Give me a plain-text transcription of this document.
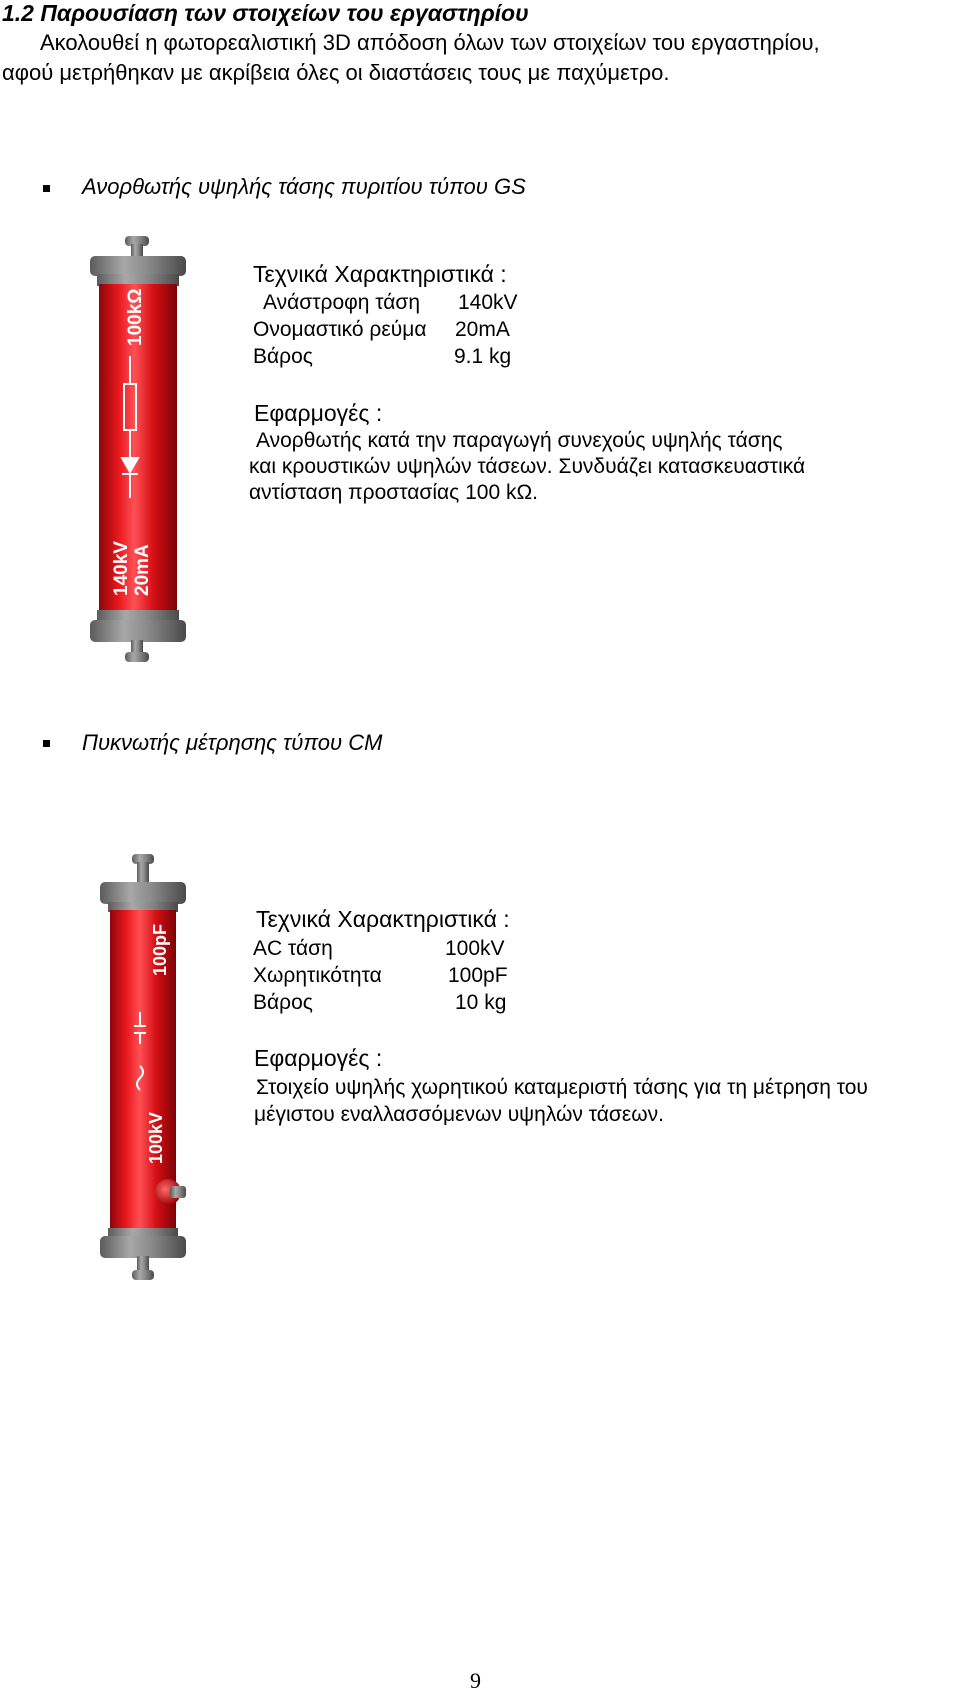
1.2 Παρουσίαση των στοιχείων του εργαστηρίου
Ακολουθεί η φωτορεαλιστική 3D απόδοση όλων των στοιχείων του εργαστηρίου,
αφού μετρήθηκαν με ακρίβεια όλες οι διαστάσεις τους με παχύμετρο.
Ανορθωτής υψηλής τάσης πυριτίου τύπου GS
100kΩ
140kV 20mA
Τεχνικά Χαρακτηριστικά :
Ανάστροφη τάση 140kV
Ονομαστικό ρεύμα 20mA
Βάρος	9.1 kg
Εφαρμογές :
Ανορθωτής κατά την παραγωγή συνεχούς υψηλής τάσης
και κρουστικών υψηλών τάσεων. Συνδυάζει κατασκευαστικά
αντίσταση προστασίας 100 kΩ.
Πυκνωτής μέτρησης τύπου CM
100pF
100kV
Τεχνικά Χαρακτηριστικά :
AC τάση	100kV
Χωρητικότητα	100pF
Βάρος	10 kg
Εφαρμογές :
Στοιχείο υψηλής χωρητικού καταμεριστή τάσης για τη μέτρηση του
μέγιστου εναλλασσόμενων υψηλών τάσεων.
9
